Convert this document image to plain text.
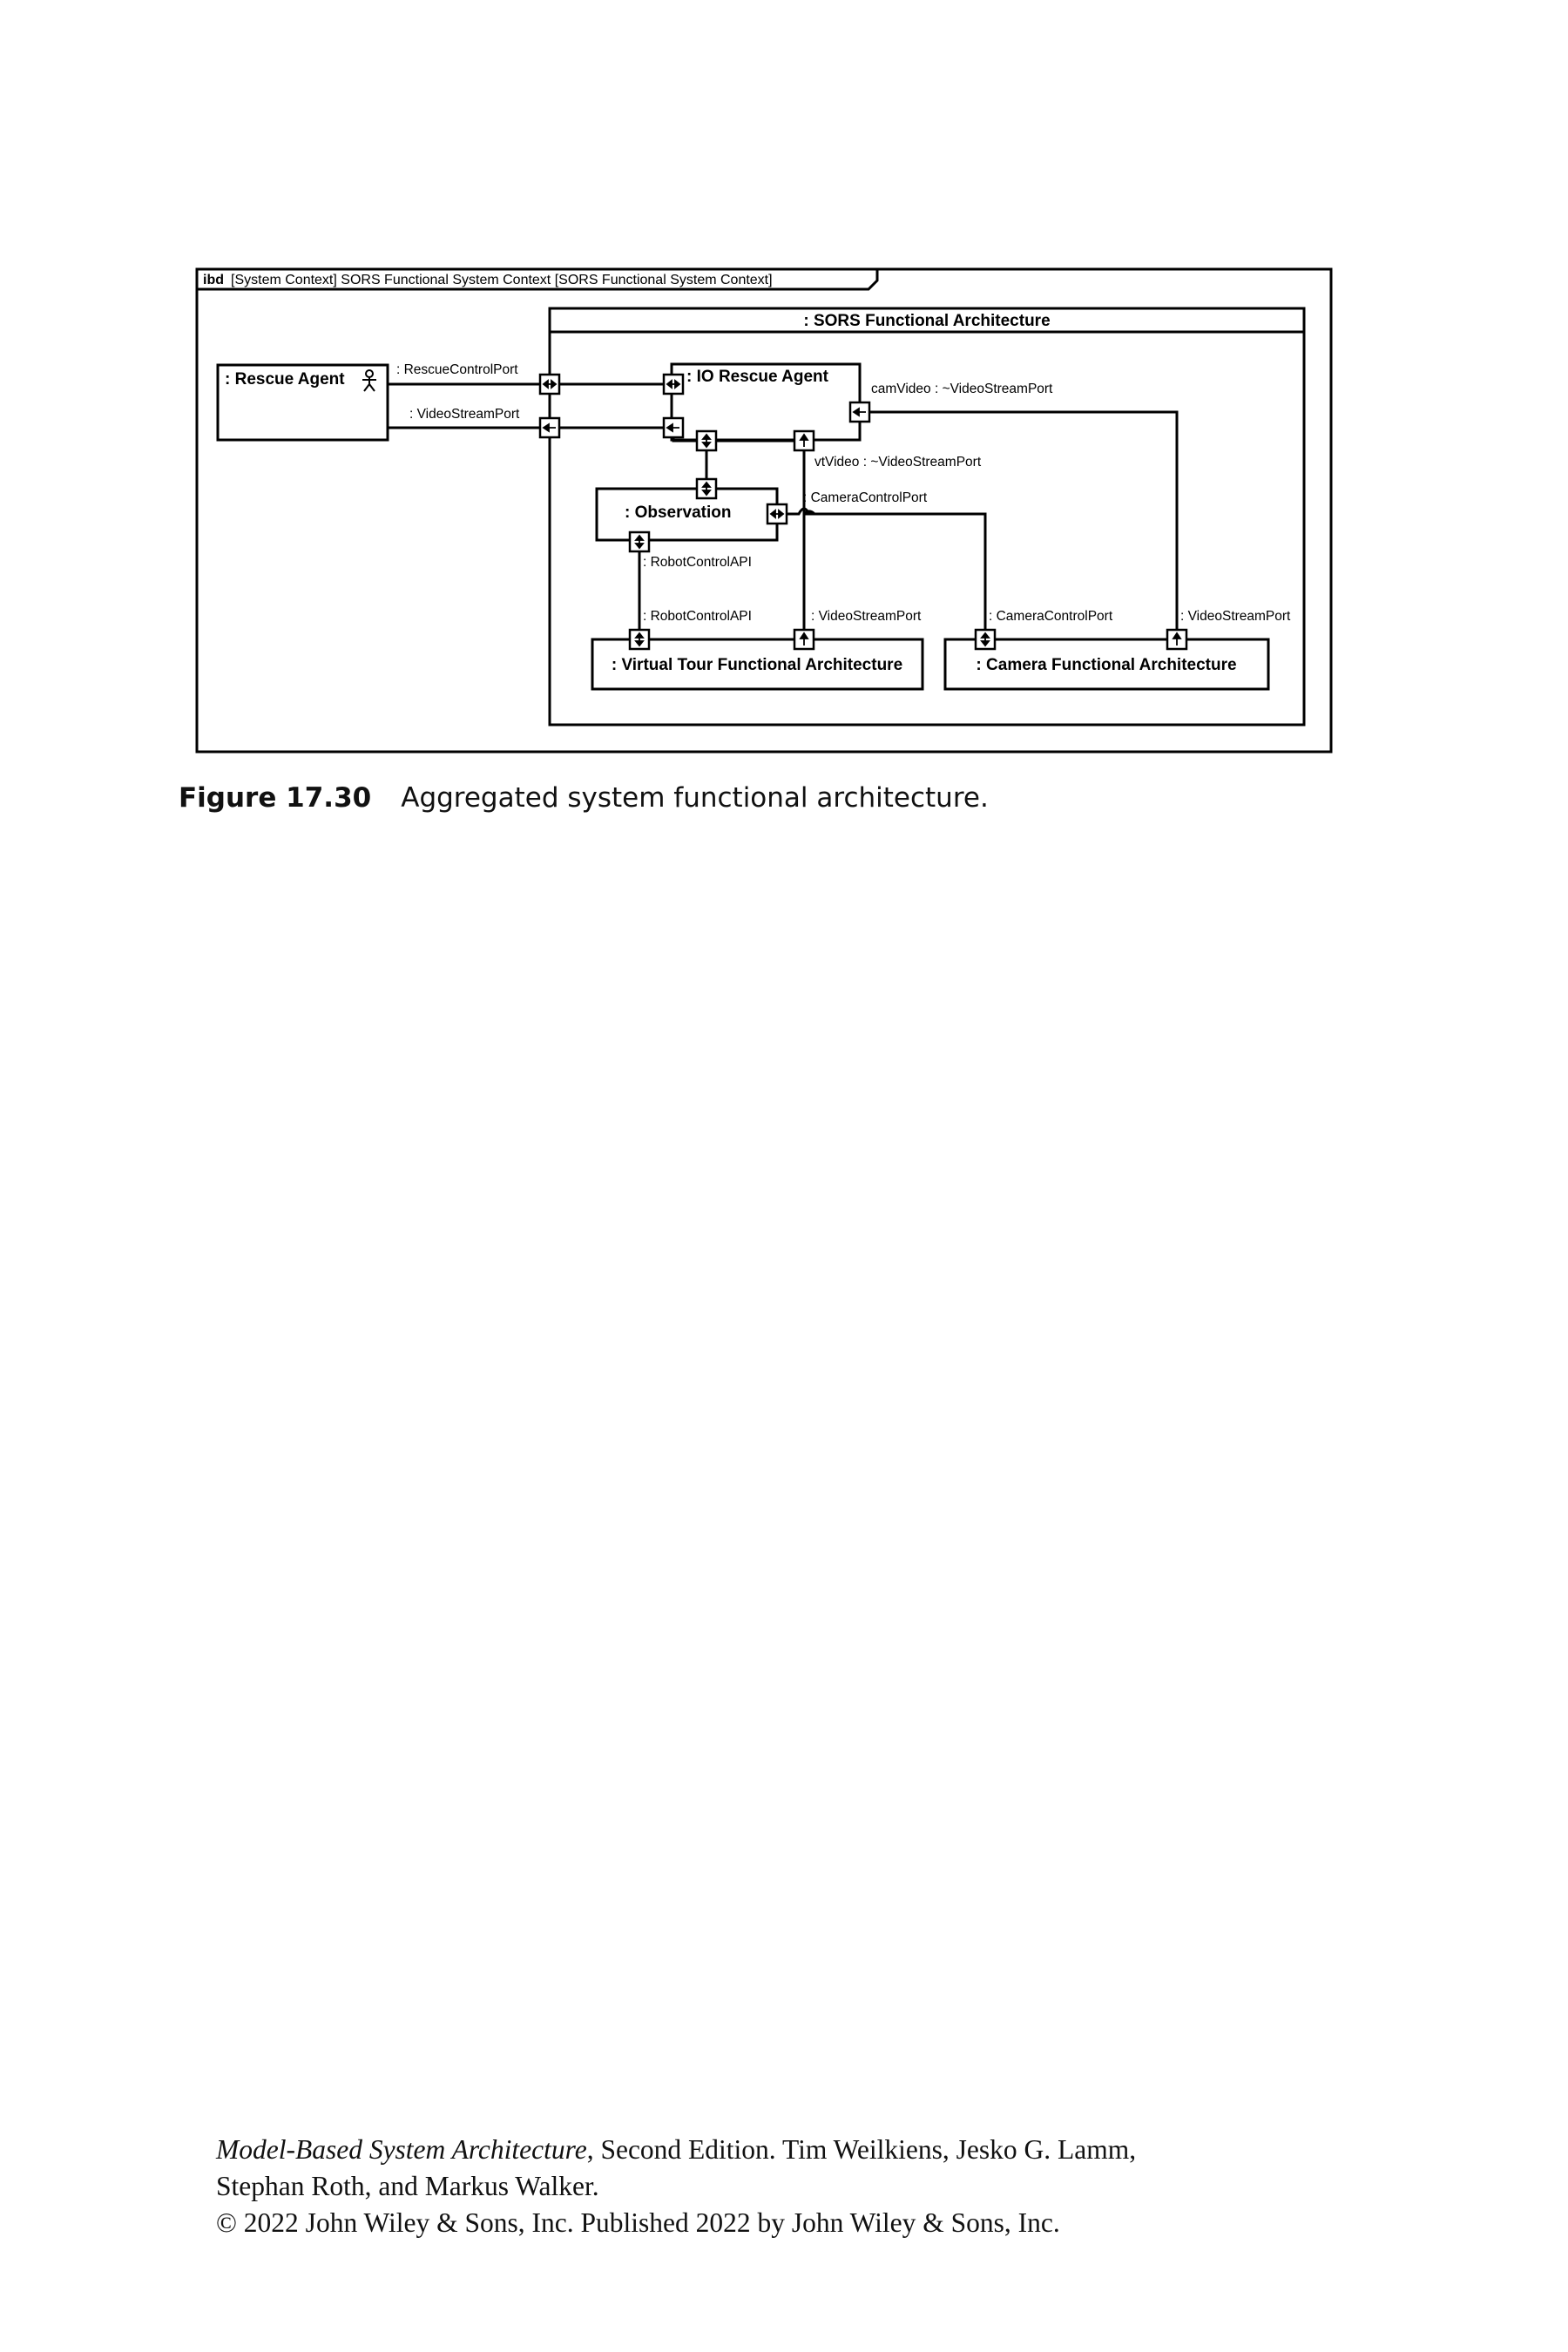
ibd [System Context] SORS Functional System Context [SORS Functional System Context]
: Rescue Agent
: SORS Functional Architecture
: IO Rescue Agent
: Observation
: Virtual Tour Functional Architecture	: Camera Functional Architecture
: RescueControlPort
: VideoStreamPort
camVideo : ~VideoStreamPort
vtVideo : ~VideoStreamPort
: CameraControlPort
: RobotControlAPI
: RobotControlAPI	: VideoStreamPort	: CameraControlPort	: VideoStreamPort
Figure 17.30 Aggregated system functional architecture.
Model-Based System Architecture, Second Edition. Tim Weilkiens, Jesko G. Lamm,
Stephan Roth, and Markus Walker.
© 2022 John Wiley & Sons, Inc. Published 2022 by John Wiley & Sons, Inc.
